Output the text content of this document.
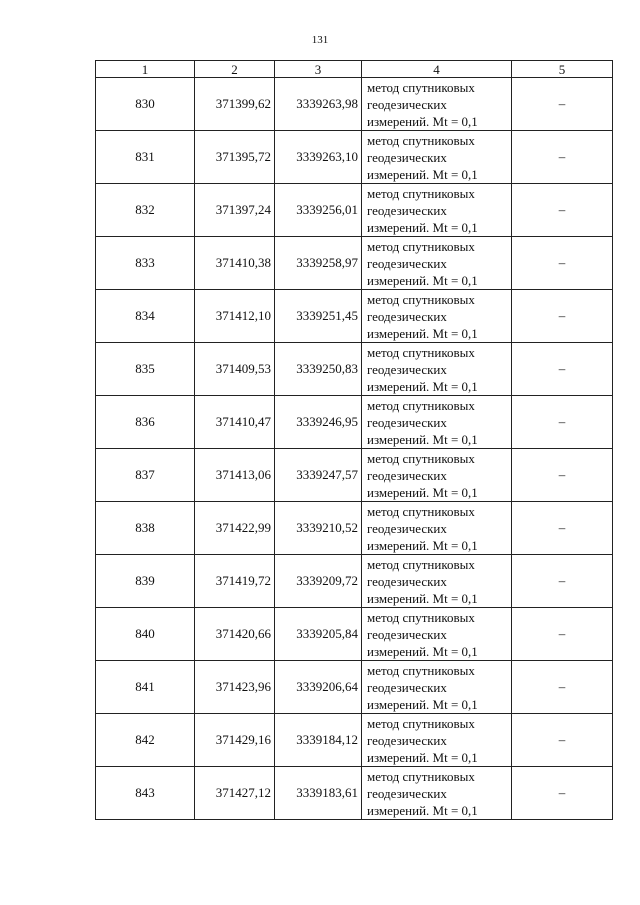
131
1	2	3	4	5
830	371399,62	3339263,98	метод спутниковых
геодезических
измерений. Mt = 0,1	–
831	371395,72	3339263,10	метод спутниковых
геодезических
измерений. Mt = 0,1	–
832	371397,24	3339256,01	метод спутниковых
геодезических
измерений. Mt = 0,1	–
833	371410,38	3339258,97	метод спутниковых
геодезических
измерений. Mt = 0,1	–
834	371412,10	3339251,45	метод спутниковых
геодезических
измерений. Mt = 0,1	–
835	371409,53	3339250,83	метод спутниковых
геодезических
измерений. Mt = 0,1	–
836	371410,47	3339246,95	метод спутниковых
геодезических
измерений. Mt = 0,1	–
837	371413,06	3339247,57	метод спутниковых
геодезических
измерений. Mt = 0,1	–
838	371422,99	3339210,52	метод спутниковых
геодезических
измерений. Mt = 0,1	–
839	371419,72	3339209,72	метод спутниковых
геодезических
измерений. Mt = 0,1	–
840	371420,66	3339205,84	метод спутниковых
геодезических
измерений. Mt = 0,1	–
841	371423,96	3339206,64	метод спутниковых
геодезических
измерений. Mt = 0,1	–
842	371429,16	3339184,12	метод спутниковых
геодезических
измерений. Mt = 0,1	–
843	371427,12	3339183,61	метод спутниковых
геодезических
измерений. Mt = 0,1	–
